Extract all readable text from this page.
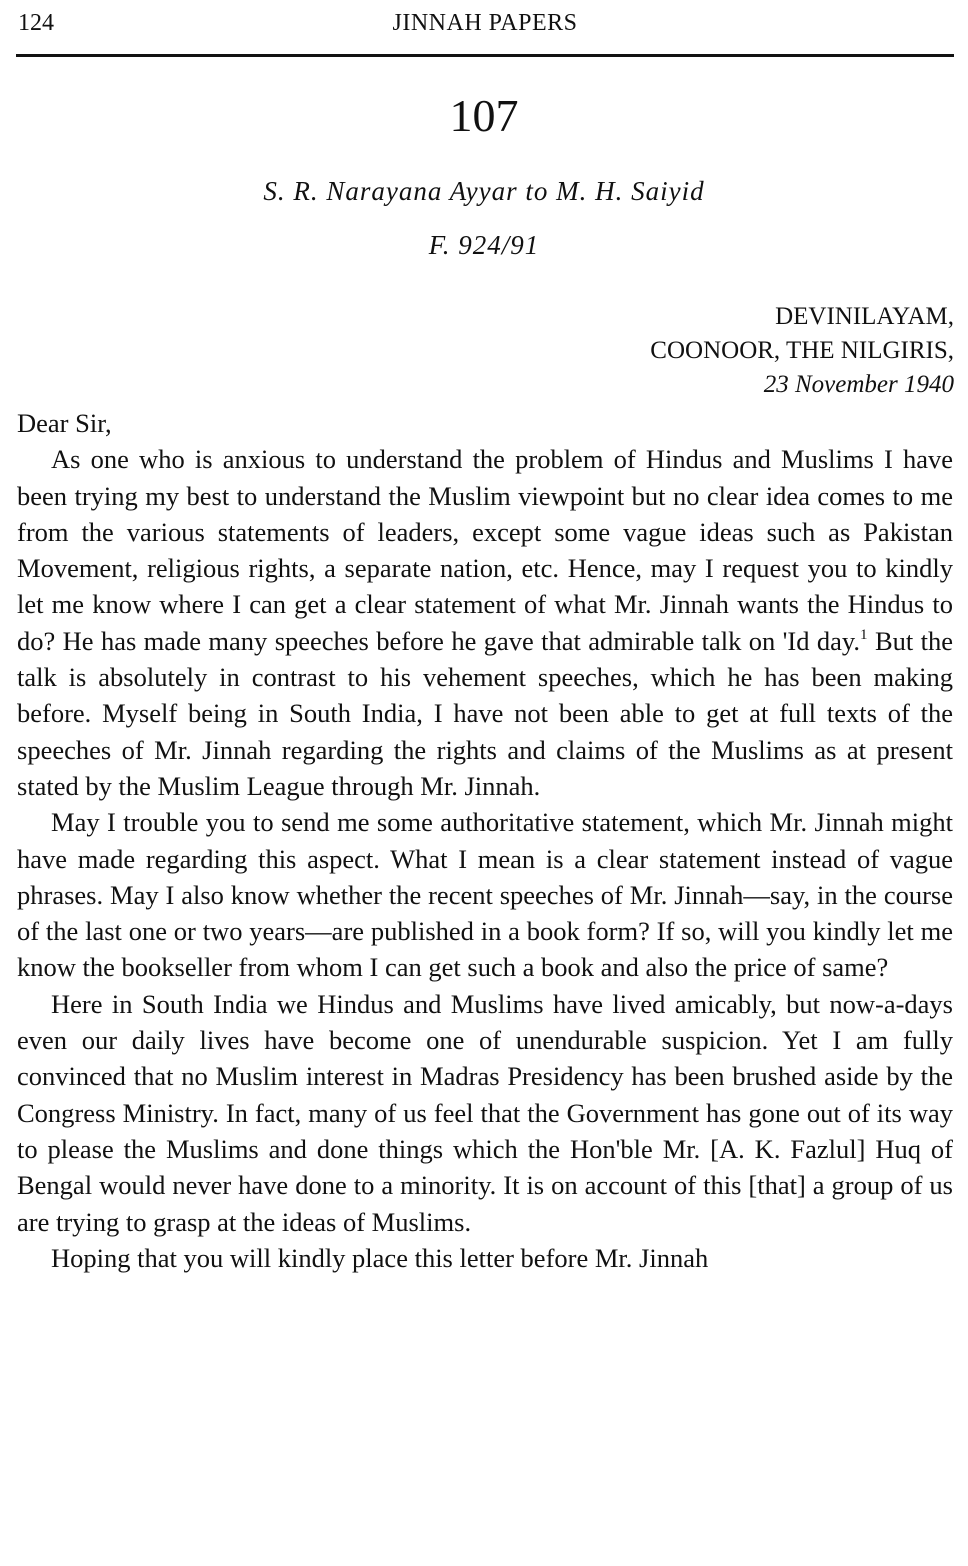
124	JINNAH PAPERS
107
S. R. Narayana Ayyar to M. H. Saiyid
F. 924/91
DEVINILAYAM,
COONOOR, THE NILGIRIS,
23 November 1940

Dear Sir,

As one who is anxious to understand the problem of Hindus and Muslims I have been trying my best to understand the Muslim viewpoint but no clear idea comes to me from the various statements of leaders, except some vague ideas such as Pakistan Movement, religious rights, a separate nation, etc. Hence, may I request you to kindly let me know where I can get a clear statement of what Mr. Jinnah wants the Hindus to do? He has made many speeches before he gave that admirable talk on 'Id day.$^1$ But the talk is absolutely in contrast to his vehement speeches, which he has been making before. Myself being in South India, I have not been able to get at full texts of the speeches of Mr. Jinnah regarding the rights and claims of the Muslims as at present stated by the Muslim League through Mr. Jinnah.

May I trouble you to send me some authoritative statement, which Mr. Jinnah might have made regarding this aspect. What I mean is a clear statement instead of vague phrases. May I also know whether the recent speeches of Mr. Jinnah—say, in the course of the last one or two years—are published in a book form? If so, will you kindly let me know the bookseller from whom I can get such a book and also the price of same?

Here in South India we Hindus and Muslims have lived amicably, but now-a-days even our daily lives have become one of unendurable suspicion. Yet I am fully convinced that no Muslim interest in Madras Presidency has been brushed aside by the Congress Ministry. In fact, many of us feel that the Government has gone out of its way to please the Muslims and done things which the Hon'ble Mr. [A. K. Fazlul] Huq of Bengal would never have done to a minority. It is on account of this [that] a group of us are trying to grasp at the ideas of Muslims.

Hoping that you will kindly place this letter before Mr. Jinnah
